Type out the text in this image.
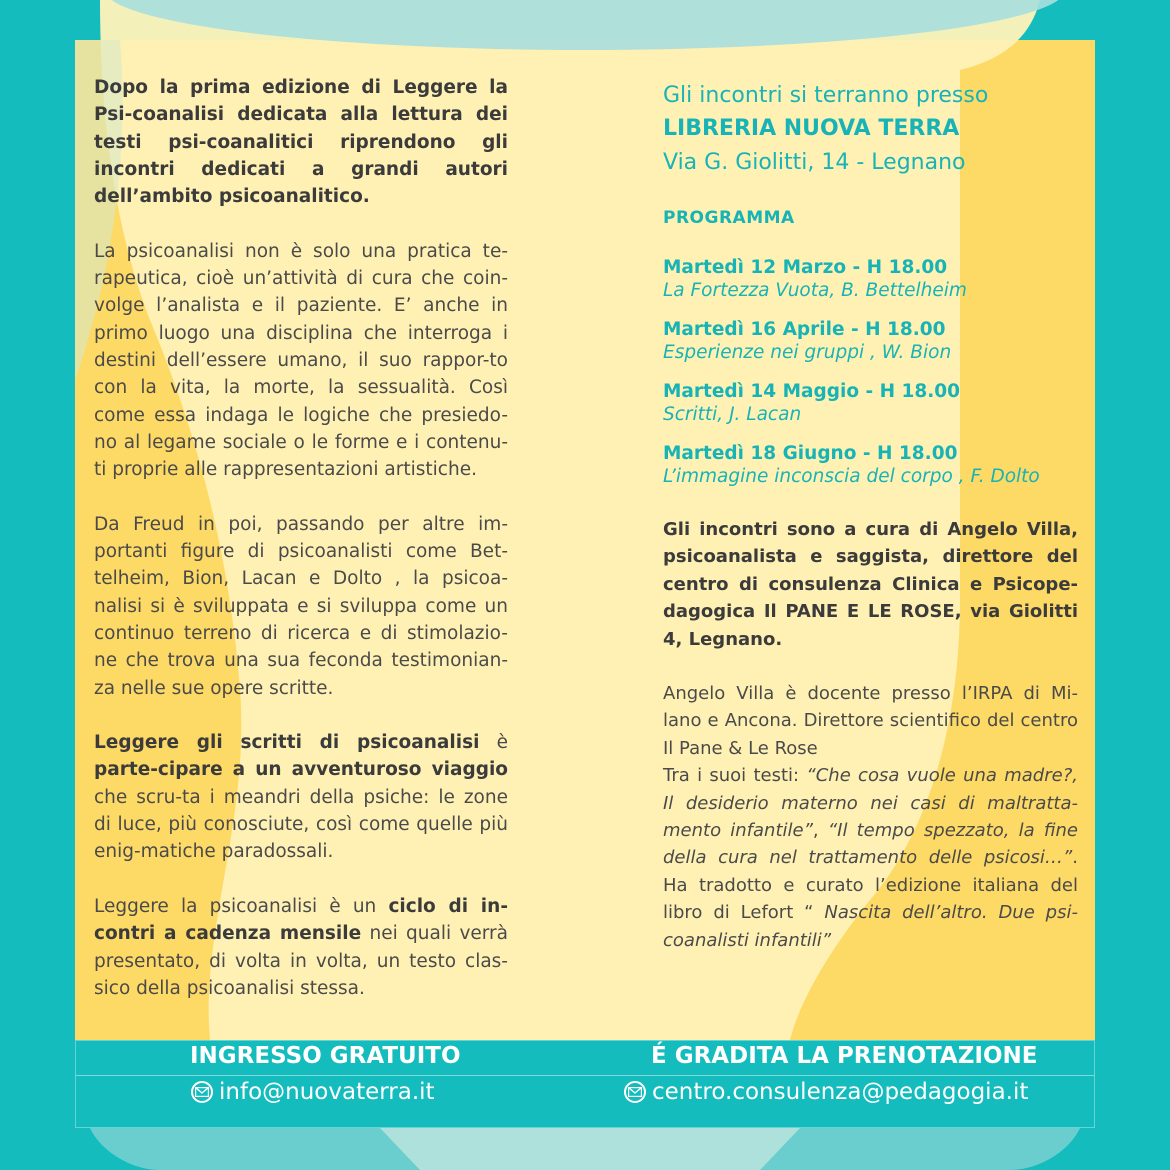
Dopo la prima edizione di Leggere la Psi-coanalisi dedicata alla lettura dei testi psi-coanalitici riprendono gli incontri dedicati a grandi autori dell’ambito psicoanalitico.

La psicoanalisi non è solo una pratica te-rapeutica, cioè un’attività di cura che coin-volge l’analista e il paziente. E’ anche in primo luogo una disciplina che interroga i destini dell’essere umano, il suo rappor-to con la vita, la morte, la sessualità. Così come essa indaga le logiche che presiedo-no al legame sociale o le forme e i contenu-ti proprie alle rappresentazioni artistiche.

Da Freud in poi, passando per altre im-portanti figure di psicoanalisti come Bet-telheim, Bion, Lacan e Dolto , la psicoa-nalisi si è sviluppata e si sviluppa come un continuo terreno di ricerca e di stimolazio-ne che trova una sua feconda testimonian-za nelle sue opere scritte.

Leggere gli scritti di psicoanalisi è parte-cipare a un avventuroso viaggio che scru-ta i meandri della psiche: le zone di luce, più conosciute, così come quelle più enig-matiche paradossali.

Leggere la psicoanalisi è un ciclo di in-contri a cadenza mensile nei quali verrà presentato, di volta in volta, un testo clas-sico della psicoanalisi stessa.

Gli incontri si terranno presso
LIBRERIA NUOVA TERRA
Via G. Giolitti, 14 - Legnano
PROGRAMMA
Martedì 12 Marzo - H 18.00
La Fortezza Vuota, B. Bettelheim
Martedì 16 Aprile - H 18.00
Esperienze nei gruppi , W. Bion
Martedì 14 Maggio - H 18.00
Scritti, J. Lacan
Martedì 18 Giugno - H 18.00
L’immagine inconscia del corpo , F. Dolto

Gli incontri sono a cura di Angelo Villa, psicoanalista e saggista, direttore del centro di consulenza Clinica e Psicope-dagogica Il PANE E LE ROSE, via Giolitti 4, Legnano.

Angelo Villa è docente presso l’IRPA di Mi-lano e Ancona. Direttore scientifico del centro Il Pane & Le Rose
Tra i suoi testi: “Che cosa vuole una madre?, Il desiderio materno nei casi di maltratta-mento infantile”, “Il tempo spezzato, la fine della cura nel trattamento delle psicosi…”. Ha tradotto e curato l’edizione italiana del libro di Lefort “ Nascita dell’altro. Due psi-coanalisti infantili”

INGRESSO GRATUITO	É GRADITA LA PRENOTAZIONE
info@nuovaterra.it	centro.consulenza@pedagogia.it
